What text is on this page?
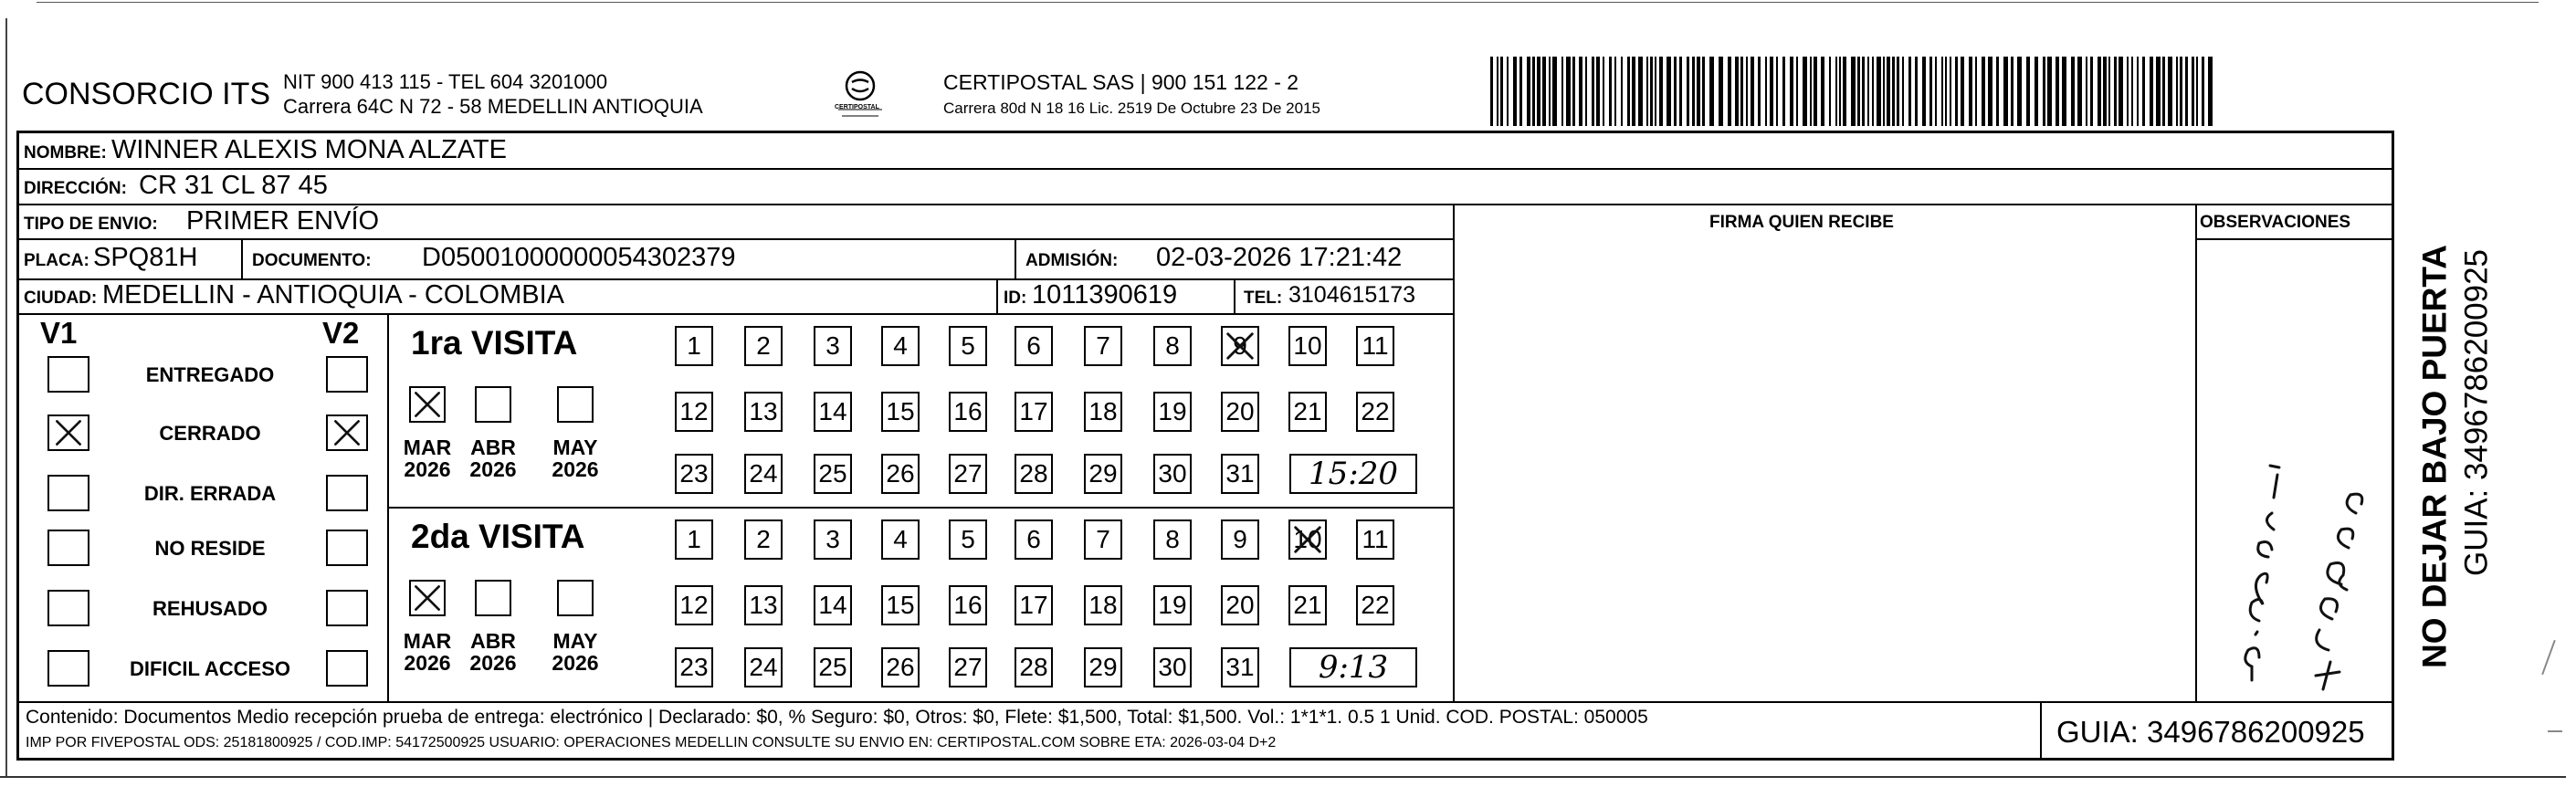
CONSORCIO ITS NIT 900 413 115 - TEL 604 3201000
Carrera 64C N 72 - 58 MEDELLIN ANTIOQUIA	CERTIPOSTAL
CERTIPOSTAL SAS | 900 151 122 - 2
Carrera 80d N 18 16 Lic. 2519 De Octubre 23 De 2015
NOMBRE: WINNER ALEXIS MONA ALZATE
DIRECCIÓN: CR 31 CL 87 45
TIPO DE ENVIO: PRIMER ENVÍO	FIRMA QUIEN RECIBE	OBSERVACIONES
PLACA: SPQ81H	DOCUMENTO: D05001000000054302379	ADMISIÓN: 02-03-2026 17:21:42
CIUDAD: MEDELLIN - ANTIOQUIA - COLOMBIA	ID: 1011390619	TEL: 3104615173
V1	V2
ENTREGADO
CERRADO
DIR. ERRADA
NO RESIDE
REHUSADO
DIFICIL ACCESO
1ra VISITA
MAR
2026
ABR
2026
MAY
2026
1 2 3 4 5 6 7 8 9 10 11
12 13 14 15 16 17 18 19 20 21 22
23 24 25 26 27 28 29 30 31 15:20
2da VISITA
MAR
2026
ABR
2026
MAY
2026
1 2 3 4 5 6 7 8 9 10 11
12 13 14 15 16 17 18 19 20 21 22
23 24 25 26 27 28 29 30 31 9:13	NO DEJAR BAJO PUERTA GUIA: 3496786200925
Contenido: Documentos Medio recepción prueba de entrega: electrónico | Declarado: $0, % Seguro: $0, Otros: $0, Flete: $1,500, Total: $1,500. Vol.: 1*1*1. 0.5 1 Unid. COD. POSTAL: 050005
IMP POR FIVEPOSTAL ODS: 25181800925 / COD.IMP: 54172500925 USUARIO: OPERACIONES MEDELLIN CONSULTE SU ENVIO EN: CERTIPOSTAL.COM SOBRE ETA: 2026-03-04 D+2	GUIA: 3496786200925
